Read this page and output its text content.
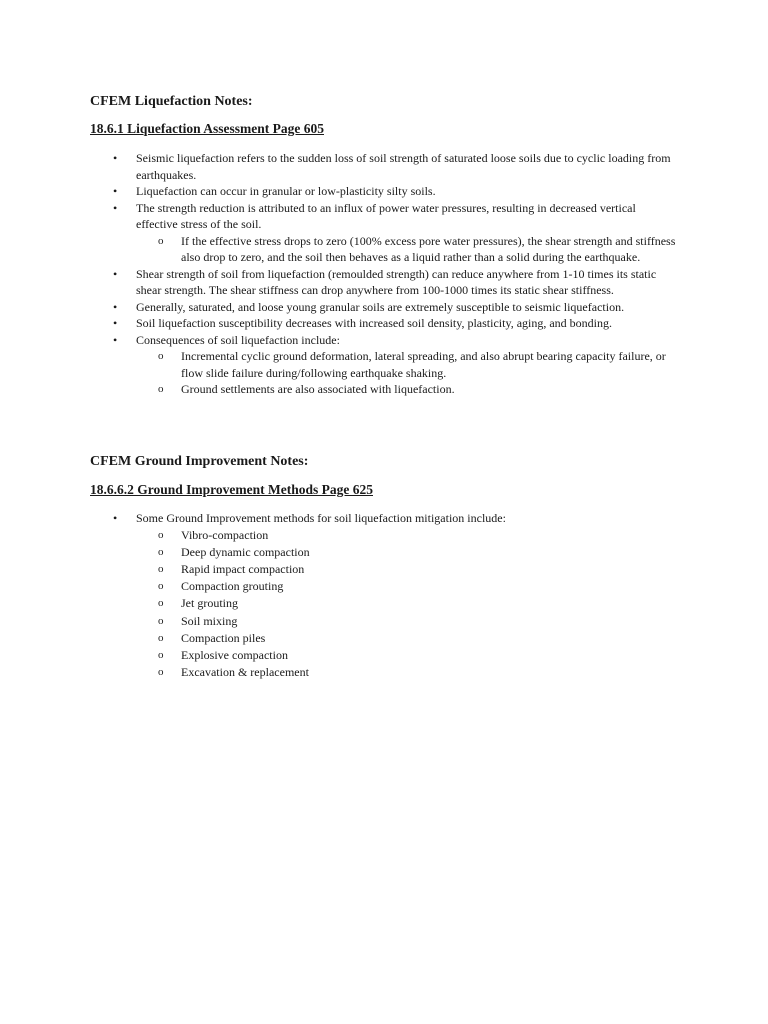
CFEM Liquefaction Notes:
18.6.1 Liquefaction Assessment Page 605
• Seismic liquefaction refers to the sudden loss of soil strength of saturated loose soils due to cyclic loading from earthquakes.
• Liquefaction can occur in granular or low-plasticity silty soils.
• The strength reduction is attributed to an influx of power water pressures, resulting in decreased vertical effective stress of the soil.
o If the effective stress drops to zero (100% excess pore water pressures), the shear strength and stiffness also drop to zero, and the soil then behaves as a liquid rather than a solid during the earthquake.
• Shear strength of soil from liquefaction (remoulded strength) can reduce anywhere from 1-10 times its static shear strength. The shear stiffness can drop anywhere from 100-1000 times its static shear stiffness.
• Generally, saturated, and loose young granular soils are extremely susceptible to seismic liquefaction.
• Soil liquefaction susceptibility decreases with increased soil density, plasticity, aging, and bonding.
• Consequences of soil liquefaction include:
o Incremental cyclic ground deformation, lateral spreading, and also abrupt bearing capacity failure, or flow slide failure during/following earthquake shaking.
o Ground settlements are also associated with liquefaction.
CFEM Ground Improvement Notes:
18.6.6.2 Ground Improvement Methods Page 625
• Some Ground Improvement methods for soil liquefaction mitigation include:
o Vibro-compaction
o Deep dynamic compaction
o Rapid impact compaction
o Compaction grouting
o Jet grouting
o Soil mixing
o Compaction piles
o Explosive compaction
o Excavation & replacement
